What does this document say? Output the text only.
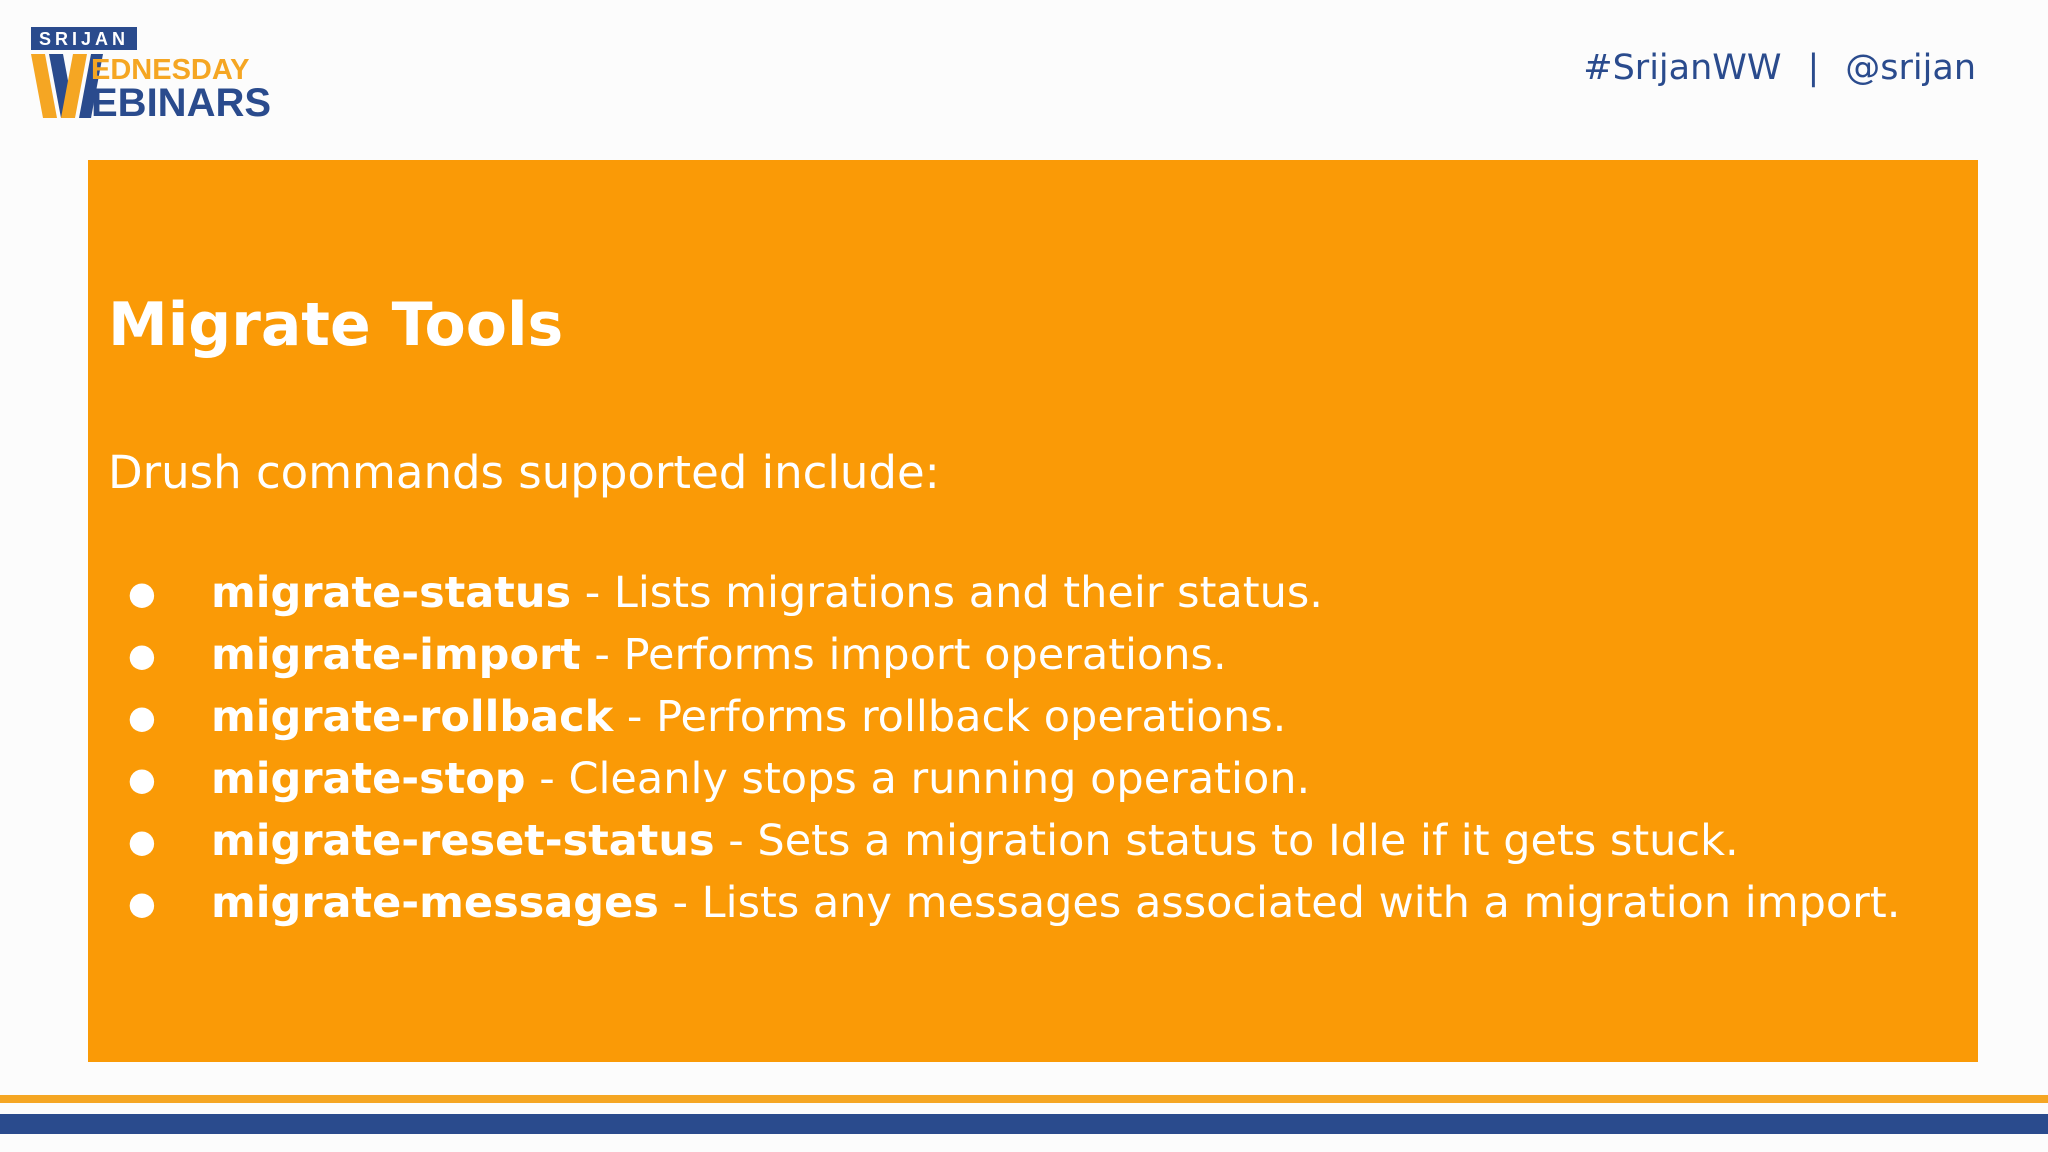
SRIJAN
EDNESDAY
EBINARS
#SrijanWW | @srijan
Migrate Tools
Drush commands supported include:
● migrate-status - Lists migrations and their status.
● migrate-import - Performs import operations.
● migrate-rollback - Performs rollback operations.
● migrate-stop - Cleanly stops a running operation.
● migrate-reset-status - Sets a migration status to Idle if it gets stuck.
● migrate-messages - Lists any messages associated with a migration import.
